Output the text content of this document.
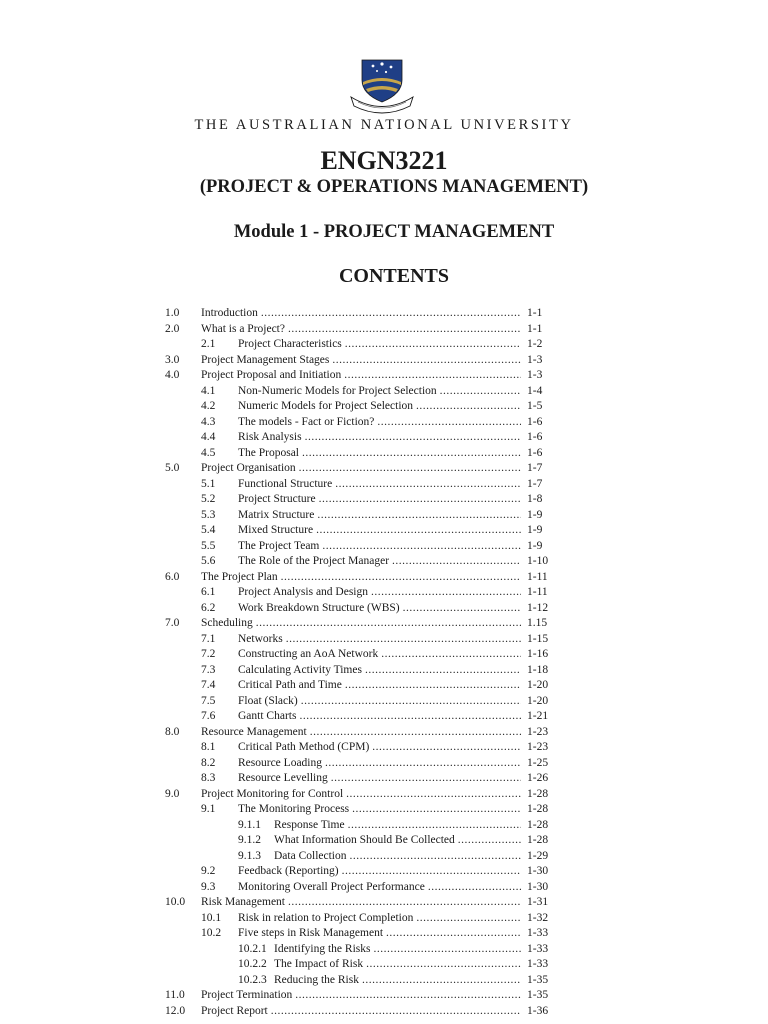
THE AUSTRALIAN NATIONAL UNIVERSITY
ENGN3221
(PROJECT & OPERATIONS MANAGEMENT)
Module 1 - PROJECT MANAGEMENT
CONTENTS
1.0 Introduction .....	1-1
2.0 What is a Project? .....	1-1
2.1	Project Characteristics .....	1-2
3.0 Project Management Stages .....	1-3
4.0 Project Proposal and Initiation .....	1-3
4.1	Non-Numeric Models for Project Selection .....	1-4
4.2	Numeric Models for Project Selection .....	1-5
4.3	The models - Fact or Fiction? .....	1-6
4.4	Risk Analysis .....	1-6
4.5	The Proposal .....	1-6
5.0 Project Organisation .....	1-7
5.1	Functional Structure .....	1-7
5.2	Project Structure .....	1-8
5.3	Matrix Structure .....	1-9
5.4	Mixed Structure .....	1-9
5.5	The Project Team .....	1-9
5.6	The Role of the Project Manager .....	1-10
6.0 The Project Plan .....	1-11
6.1	Project Analysis and Design .....	1-11
6.2	Work Breakdown Structure (WBS) .....	1-12
7.0 Scheduling .....	1.15
7.1	Networks .....	1-15
7.2	Constructing an AoA Network .....	1-16
7.3	Calculating Activity Times .....	1-18
7.4	Critical Path and Time .....	1-20
7.5	Float (Slack) .....	1-20
7.6	Gantt Charts .....	1-21
8.0 Resource Management .....	1-23
8.1	Critical Path Method (CPM) .....	1-23
8.2	Resource Loading .....	1-25
8.3	Resource Levelling .....	1-26
9.0 Project Monitoring for Control .....	1-28
9.1	The Monitoring Process .....	1-28
9.1.1	Response Time .....	1-28
9.1.2	What Information Should Be Collected .....	1-28
9.1.3	Data Collection .....	1-29
9.2	Feedback (Reporting) .....	1-30
9.3	Monitoring Overall Project Performance .....	1-30
10.0 Risk Management .....	1-31
10.1	Risk in relation to Project Completion .....	1-32
10.2	Five steps in Risk Management .....	1-33
10.2.1 Identifying the Risks .....	1-33
10.2.2 The Impact of Risk .....	1-33
10.2.3 Reducing the Risk .....	1-35
11.0 Project Termination .....	1-35
12.0 Project Report .....	1-36
